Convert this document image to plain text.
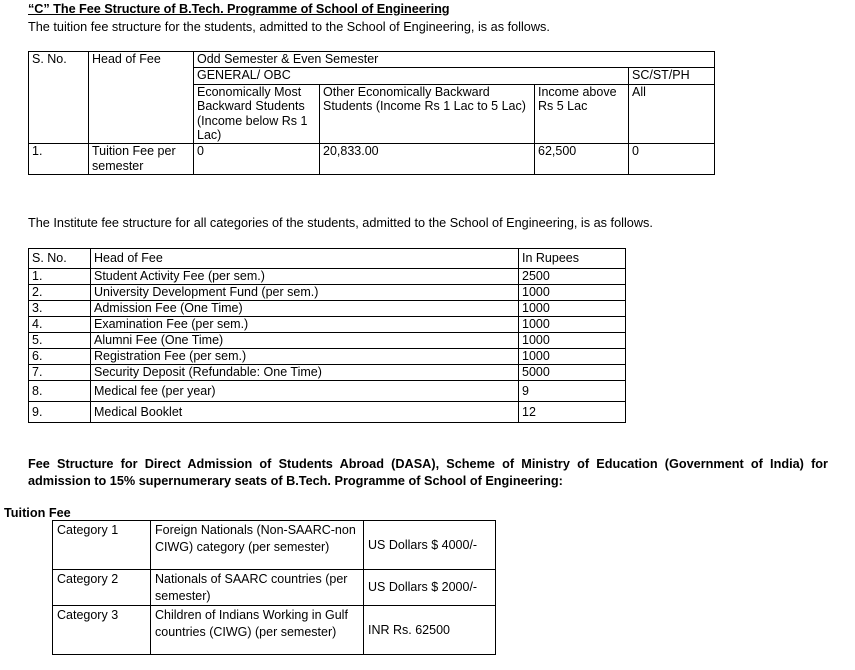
“C” The Fee Structure of B.Tech. Programme of School of Engineering
The tuition fee structure for the students, admitted to the School of Engineering, is as follows.
S. No.	Head of Fee	Odd Semester & Even Semester			
		GENERAL/ OBC			SC/ST/PH
		Economically Most Backward Students (Income below Rs 1 Lac)	Other Economically Backward Students (Income Rs 1 Lac to 5 Lac)	Income above Rs 5 Lac	All
1.	Tuition Fee per semester	0	20,833.00	62,500	0
The Institute fee structure for all categories of the students, admitted to the School of Engineering, is as follows.
S. No.	Head of Fee	In Rupees
1.	Student Activity Fee (per sem.)	2500
2.	University Development Fund (per sem.)	1000
3.	Admission Fee (One Time)	1000
4.	Examination Fee (per sem.)	1000
5.	Alumni Fee (One Time)	1000
6.	Registration Fee (per sem.)	1000
7.	Security Deposit (Refundable: One Time)	5000
8.	Medical fee (per year)	9
9.	Medical Booklet	12
Fee Structure for Direct Admission of Students Abroad (DASA), Scheme of Ministry of Education (Government of India) for admission to 15% supernumerary seats of B.Tech. Programme of School of Engineering:
Tuition Fee
Category 1	Foreign Nationals (Non-SAARC-non CIWG) category (per semester)	US Dollars $ 4000/-
Category 2	Nationals of SAARC countries (per semester)	US Dollars $ 2000/-
Category 3	Children of Indians Working in Gulf countries (CIWG) (per semester)	INR Rs. 62500
